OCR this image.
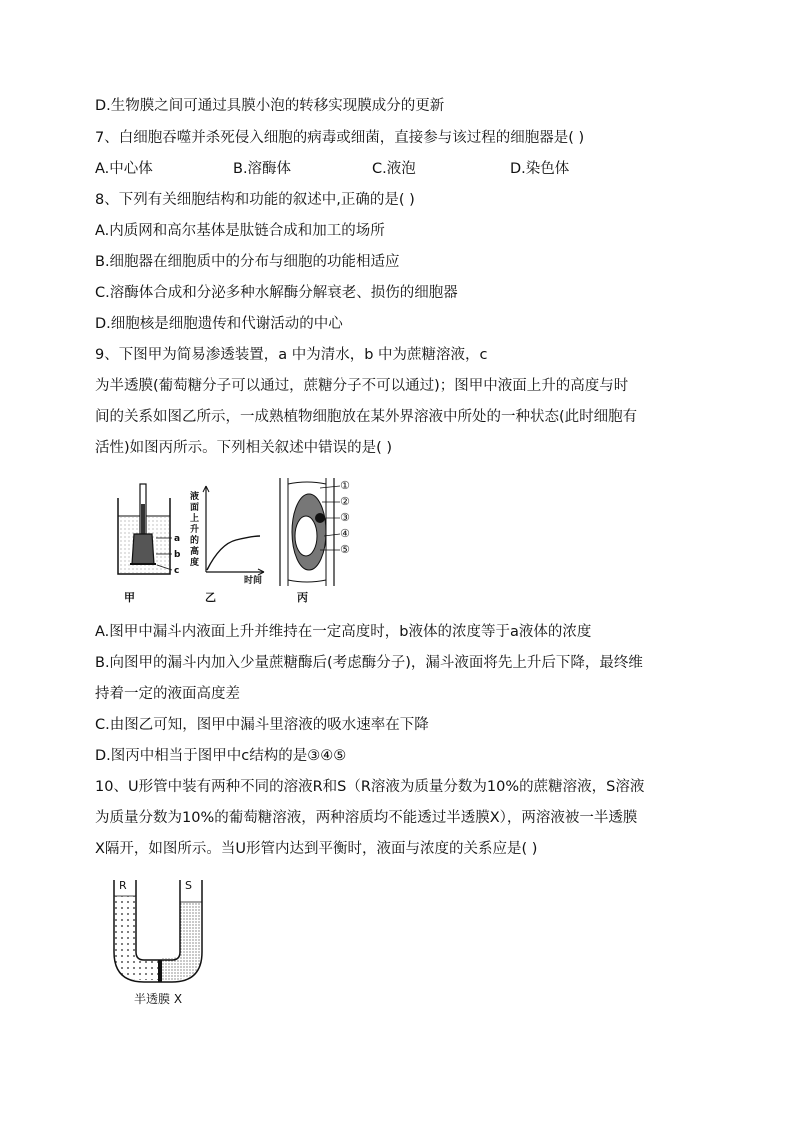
D.生物膜之间可通过具膜小泡的转移实现膜成分的更新
7、白细胞吞噬并杀死侵入细胞的病毒或细菌，直接参与该过程的细胞器是( )
A.中心体	B.溶酶体	C.液泡	D.染色体
8、下列有关细胞结构和功能的叙述中,正确的是( )
A.内质网和高尔基体是肽链合成和加工的场所
B.细胞器在细胞质中的分布与细胞的功能相适应
C.溶酶体合成和分泌多种水解酶分解衰老、损伤的细胞器
D.细胞核是细胞遗传和代谢活动的中心
9、下图甲为简易渗透装置，a 中为清水，b 中为蔗糖溶液，c
为半透膜(葡萄糖分子可以通过，蔗糖分子不可以通过)；图甲中液面上升的高度与时
间的关系如图乙所示，一成熟植物细胞放在某外界溶液中所处的一种状态(此时细胞有
活性)如图丙所示。下列相关叙述中错误的是( )
a
b
c
甲
液面上升的高度
时间
乙
①
②
③
④
⑤
丙
A.图甲中漏斗内液面上升并维持在一定高度时，b液体的浓度等于a液体的浓度
B.向图甲的漏斗内加入少量蔗糖酶后(考虑酶分子)，漏斗液面将先上升后下降，最终维
持着一定的液面高度差
C.由图乙可知，图甲中漏斗里溶液的吸水速率在下降
D.图丙中相当于图甲中c结构的是③④⑤
10、U形管中装有两种不同的溶液R和S（R溶液为质量分数为10%的蔗糖溶液，S溶液
为质量分数为10%的葡萄糖溶液，两种溶质均不能透过半透膜X），两溶液被一半透膜
X隔开，如图所示。当U形管内达到平衡时，液面与浓度的关系应是( )
R	S
半透膜 X
